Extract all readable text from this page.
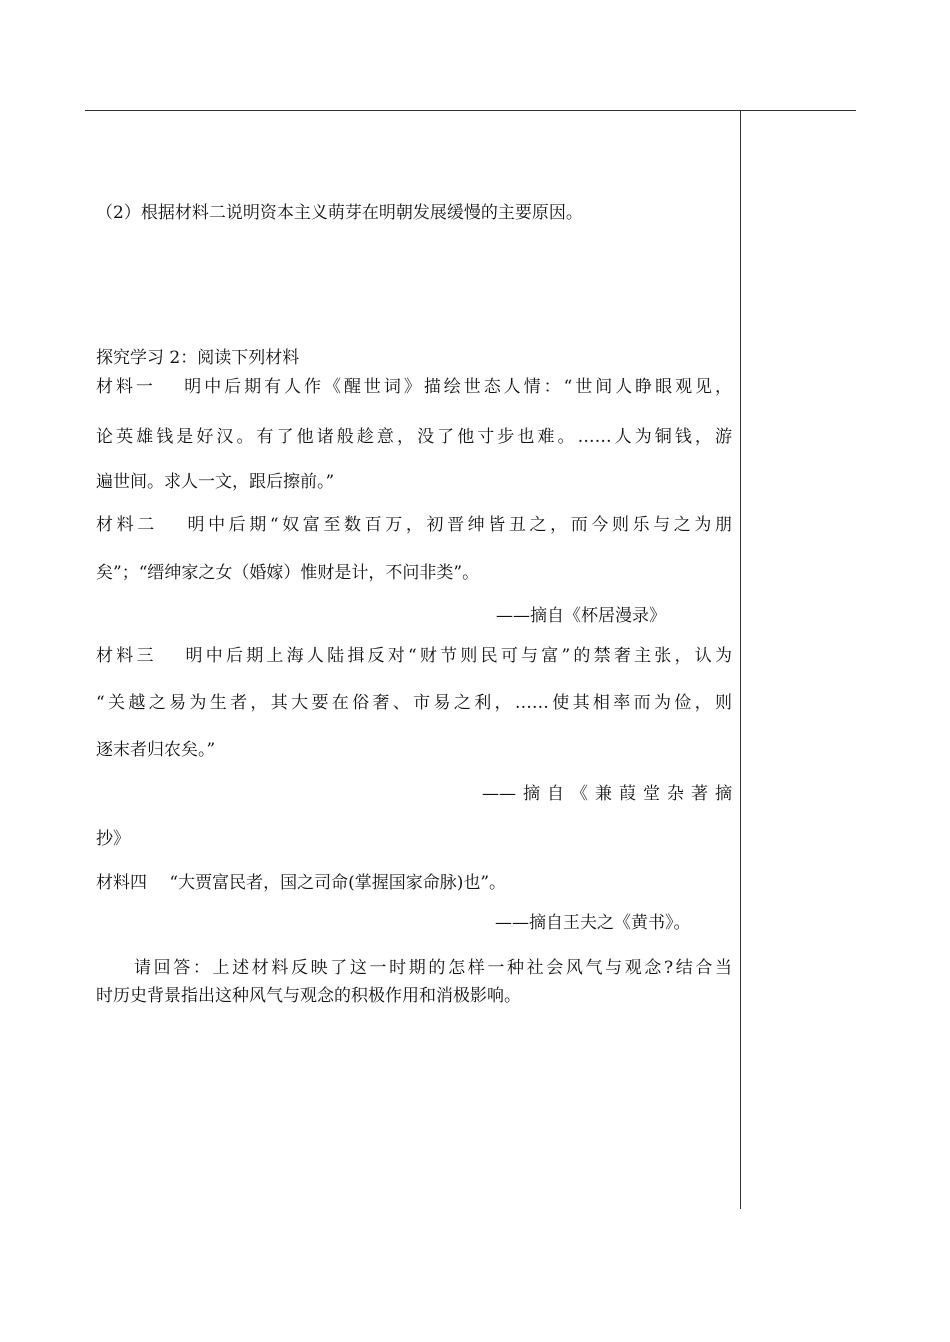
（2）根据材料二说明资本主义萌芽在明朝发展缓慢的主要原因。

探究学习 2：阅读下列材料

材料一　 明中后期有人作《醒世词》描绘世态人情：“世间人睁眼观见，

论英雄钱是好汉。有了他诸般趁意，没了他寸步也难。……人为铜钱，游

遍世间。求人一文，跟后擦前。”

材料二　 明中后期“奴富至数百万，初晋绅皆丑之，而今则乐与之为朋

矣”；“缙绅家之女（婚嫁）惟财是计，不问非类”。

——摘自《杯居漫录》

材料三　 明中后期上海人陆揖反对“财节则民可与富”的禁奢主张，认为

“关越之易为生者，其大要在俗奢、市易之利，……使其相率而为俭，则

逐末者归农矣。”

——摘自《兼葭堂杂著摘

抄》

材料四　 “大贾富民者，国之司命(掌握国家命脉)也”。

——摘自王夫之《黄书》。

请回答：上述材料反映了这一时期的怎样一种社会风气与观念?结合当

时历史背景指出这种风气与观念的积极作用和消极影响。
